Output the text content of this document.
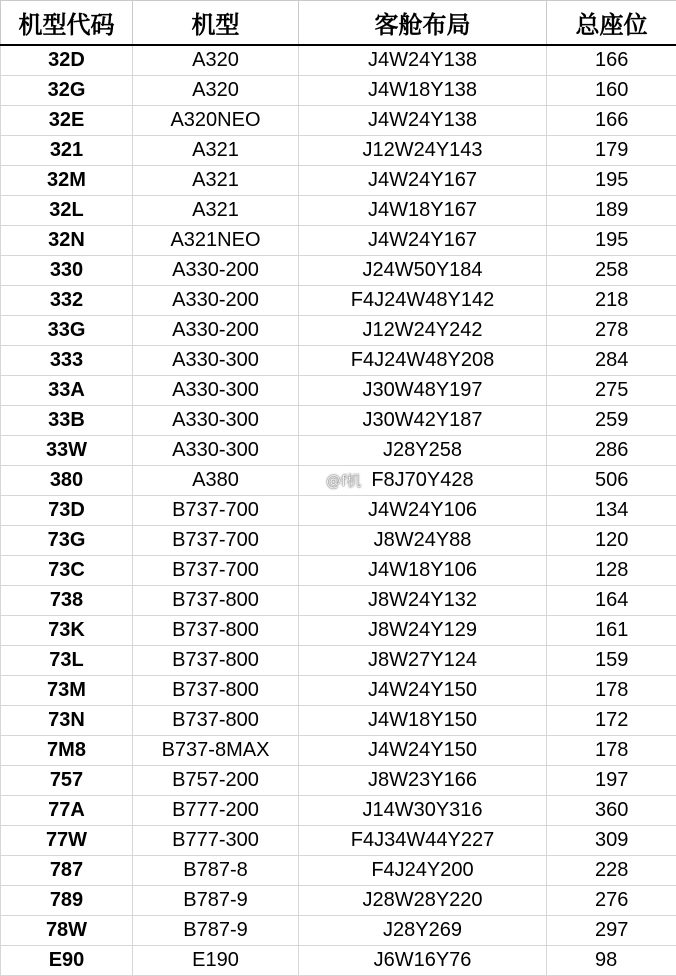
机型代码	机型	客舱布局	总座位
32D	A320	J4W24Y138	166
32G	A320	J4W18Y138	160
32E	A320NEO	J4W24Y138	166
321	A321	J12W24Y143	179
32M	A321	J4W24Y167	195
32L	A321	J4W18Y167	189
32N	A321NEO	J4W24Y167	195
330	A330-200	J24W50Y184	258
332	A330-200	F4J24W48Y142	218
33G	A330-200	J12W24Y242	278
333	A330-300	F4J24W48Y208	284
33A	A330-300	J30W48Y197	275
33B	A330-300	J30W42Y187	259
33W	A330-300	J28Y258	286
380	A380	F8J70Y428	506
73D	B737-700	J4W24Y106	134
73G	B737-700	J8W24Y88	120
73C	B737-700	J4W18Y106	128
738	B737-800	J8W24Y132	164
73K	B737-800	J8W24Y129	161
73L	B737-800	J8W27Y124	159
73M	B737-800	J4W24Y150	178
73N	B737-800	J4W18Y150	172
7M8	B737-8MAX	J4W24Y150	178
757	B757-200	J8W23Y166	197
77A	B777-200	J14W30Y316	360
77W	B777-300	F4J34W44Y227	309
787	B787-8	F4J24Y200	228
789	B787-9	J28W28Y220	276
78W	B787-9	J28Y269	297
E90	E190	J6W16Y76	98
@f机
